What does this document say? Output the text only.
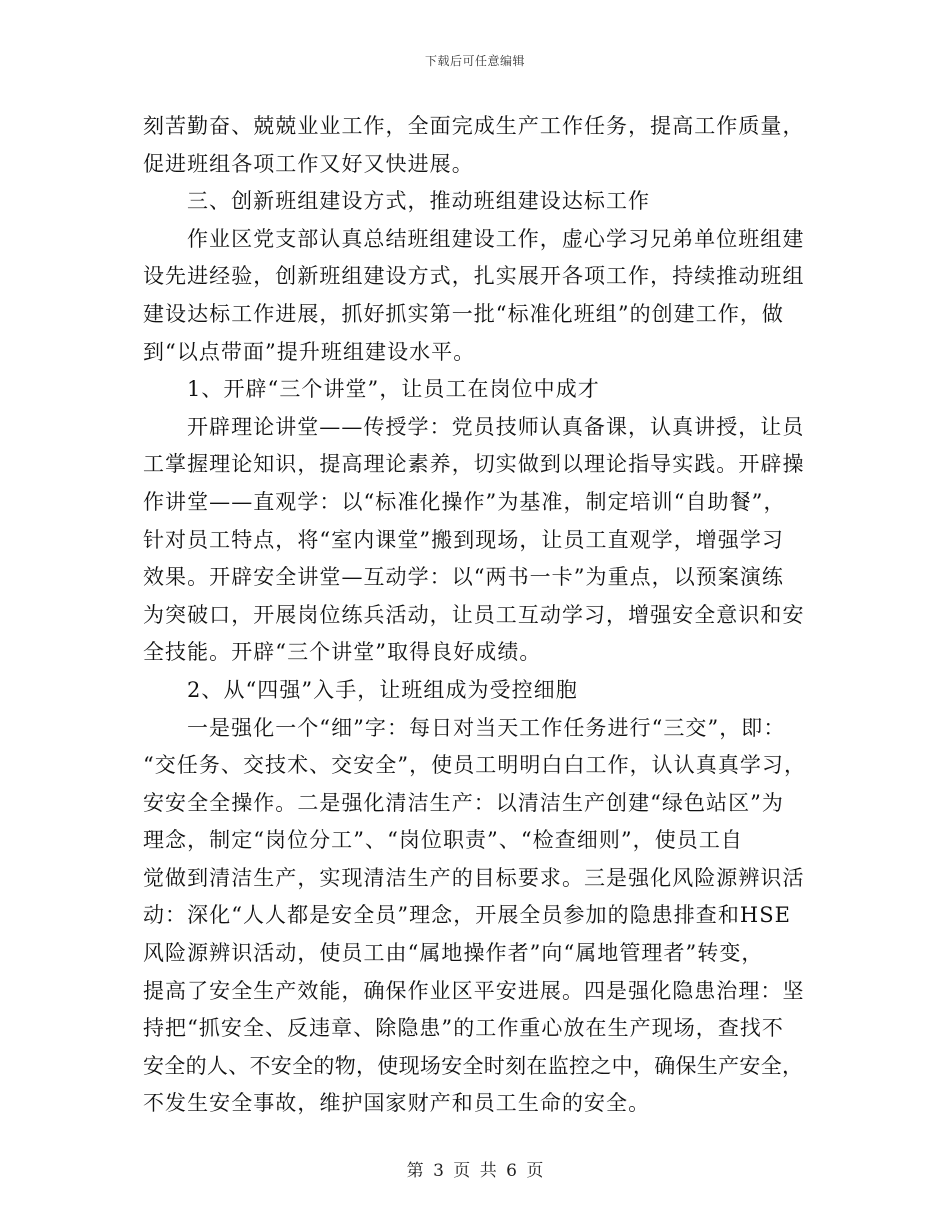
下载后可任意编辑
刻苦勤奋、兢兢业业工作，全面完成生产工作任务，提高工作质量，
促进班组各项工作又好又快进展。
三、创新班组建设方式，推动班组建设达标工作
作业区党支部认真总结班组建设工作，虚心学习兄弟单位班组建
设先进经验，创新班组建设方式，扎实展开各项工作，持续推动班组
建设达标工作进展，抓好抓实第一批“标准化班组”的创建工作，做
到“以点带面”提升班组建设水平。
1、开辟“三个讲堂”，让员工在岗位中成才
开辟理论讲堂——传授学：党员技师认真备课，认真讲授，让员
工掌握理论知识，提高理论素养，切实做到以理论指导实践。开辟操
作讲堂——直观学：以“标准化操作”为基准，制定培训“自助餐”，
针对员工特点，将“室内课堂”搬到现场，让员工直观学，增强学习
效果。开辟安全讲堂—互动学：以“两书一卡”为重点，以预案演练
为突破口，开展岗位练兵活动，让员工互动学习，增强安全意识和安
全技能。开辟“三个讲堂”取得良好成绩。
2、从“四强”入手，让班组成为受控细胞
一是强化一个“细”字：每日对当天工作任务进行“三交”，即：
“交任务、交技术、交安全”，使员工明明白白工作，认认真真学习，
安安全全操作。二是强化清洁生产：以清洁生产创建“绿色站区”为
理念，制定“岗位分工”、“岗位职责”、“检查细则”，使员工自
觉做到清洁生产，实现清洁生产的目标要求。三是强化风险源辨识活
动：深化“人人都是安全员”理念，开展全员参加的隐患排查和HSE
风险源辨识活动，使员工由“属地操作者”向“属地管理者”转变，
提高了安全生产效能，确保作业区平安进展。四是强化隐患治理：坚
持把“抓安全、反违章、除隐患”的工作重心放在生产现场，查找不
安全的人、不安全的物，使现场安全时刻在监控之中，确保生产安全，
不发生安全事故，维护国家财产和员工生命的安全。
第 3 页 共 6 页
